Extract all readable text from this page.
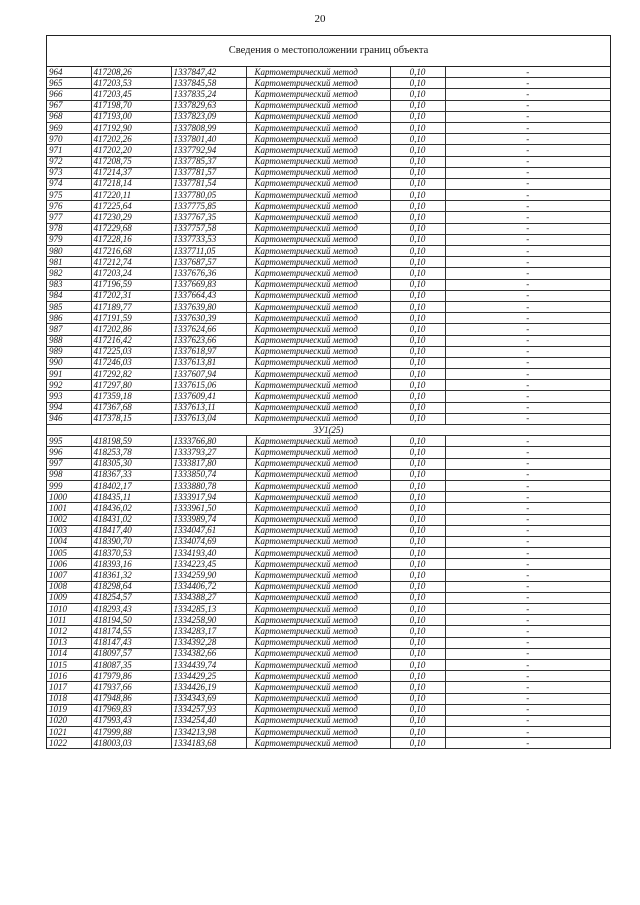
20
Сведения о местоположении границ объекта
964	417208,26	1337847,42	Картометрический метод	0,10	-
965	417203,53	1337845,58	Картометрический метод	0,10	-
966	417203,45	1337835,24	Картометрический метод	0,10	-
967	417198,70	1337829,63	Картометрический метод	0,10	-
968	417193,00	1337823,09	Картометрический метод	0,10	-
969	417192,90	1337808,99	Картометрический метод	0,10	-
970	417202,26	1337801,40	Картометрический метод	0,10	-
971	417202,20	1337792,94	Картометрический метод	0,10	-
972	417208,75	1337785,37	Картометрический метод	0,10	-
973	417214,37	1337781,57	Картометрический метод	0,10	-
974	417218,14	1337781,54	Картометрический метод	0,10	-
975	417220,11	1337780,05	Картометрический метод	0,10	-
976	417225,64	1337775,85	Картометрический метод	0,10	-
977	417230,29	1337767,35	Картометрический метод	0,10	-
978	417229,68	1337757,58	Картометрический метод	0,10	-
979	417228,16	1337733,53	Картометрический метод	0,10	-
980	417216,68	1337711,05	Картометрический метод	0,10	-
981	417212,74	1337687,57	Картометрический метод	0,10	-
982	417203,24	1337676,36	Картометрический метод	0,10	-
983	417196,59	1337669,83	Картометрический метод	0,10	-
984	417202,31	1337664,43	Картометрический метод	0,10	-
985	417189,77	1337639,80	Картометрический метод	0,10	-
986	417191,59	1337630,39	Картометрический метод	0,10	-
987	417202,86	1337624,66	Картометрический метод	0,10	-
988	417216,42	1337623,66	Картометрический метод	0,10	-
989	417225,03	1337618,97	Картометрический метод	0,10	-
990	417246,03	1337613,81	Картометрический метод	0,10	-
991	417292,82	1337607,94	Картометрический метод	0,10	-
992	417297,80	1337615,06	Картометрический метод	0,10	-
993	417359,18	1337609,41	Картометрический метод	0,10	-
994	417367,68	1337613,11	Картометрический метод	0,10	-
946	417378,15	1337613,04	Картометрический метод	0,10	-
ЗУ1(25)					
995	418198,59	1333766,80	Картометрический метод	0,10	-
996	418253,78	1333793,27	Картометрический метод	0,10	-
997	418305,30	1333817,80	Картометрический метод	0,10	-
998	418367,33	1333850,74	Картометрический метод	0,10	-
999	418402,17	1333880,78	Картометрический метод	0,10	-
1000	418435,11	1333917,94	Картометрический метод	0,10	-
1001	418436,02	1333961,50	Картометрический метод	0,10	-
1002	418431,02	1333989,74	Картометрический метод	0,10	-
1003	418417,40	1334047,61	Картометрический метод	0,10	-
1004	418390,70	1334074,69	Картометрический метод	0,10	-
1005	418370,53	1334193,40	Картометрический метод	0,10	-
1006	418393,16	1334223,45	Картометрический метод	0,10	-
1007	418361,32	1334259,90	Картометрический метод	0,10	-
1008	418298,64	1334406,72	Картометрический метод	0,10	-
1009	418254,57	1334388,27	Картометрический метод	0,10	-
1010	418293,43	1334285,13	Картометрический метод	0,10	-
1011	418194,50	1334258,90	Картометрический метод	0,10	-
1012	418174,55	1334283,17	Картометрический метод	0,10	-
1013	418147,43	1334392,28	Картометрический метод	0,10	-
1014	418097,57	1334382,66	Картометрический метод	0,10	-
1015	418087,35	1334439,74	Картометрический метод	0,10	-
1016	417979,86	1334429,25	Картометрический метод	0,10	-
1017	417937,66	1334426,19	Картометрический метод	0,10	-
1018	417948,86	1334343,69	Картометрический метод	0,10	-
1019	417969,83	1334257,93	Картометрический метод	0,10	-
1020	417993,43	1334254,40	Картометрический метод	0,10	-
1021	417999,88	1334213,98	Картометрический метод	0,10	-
1022	418003,03	1334183,68	Картометрический метод	0,10	-
